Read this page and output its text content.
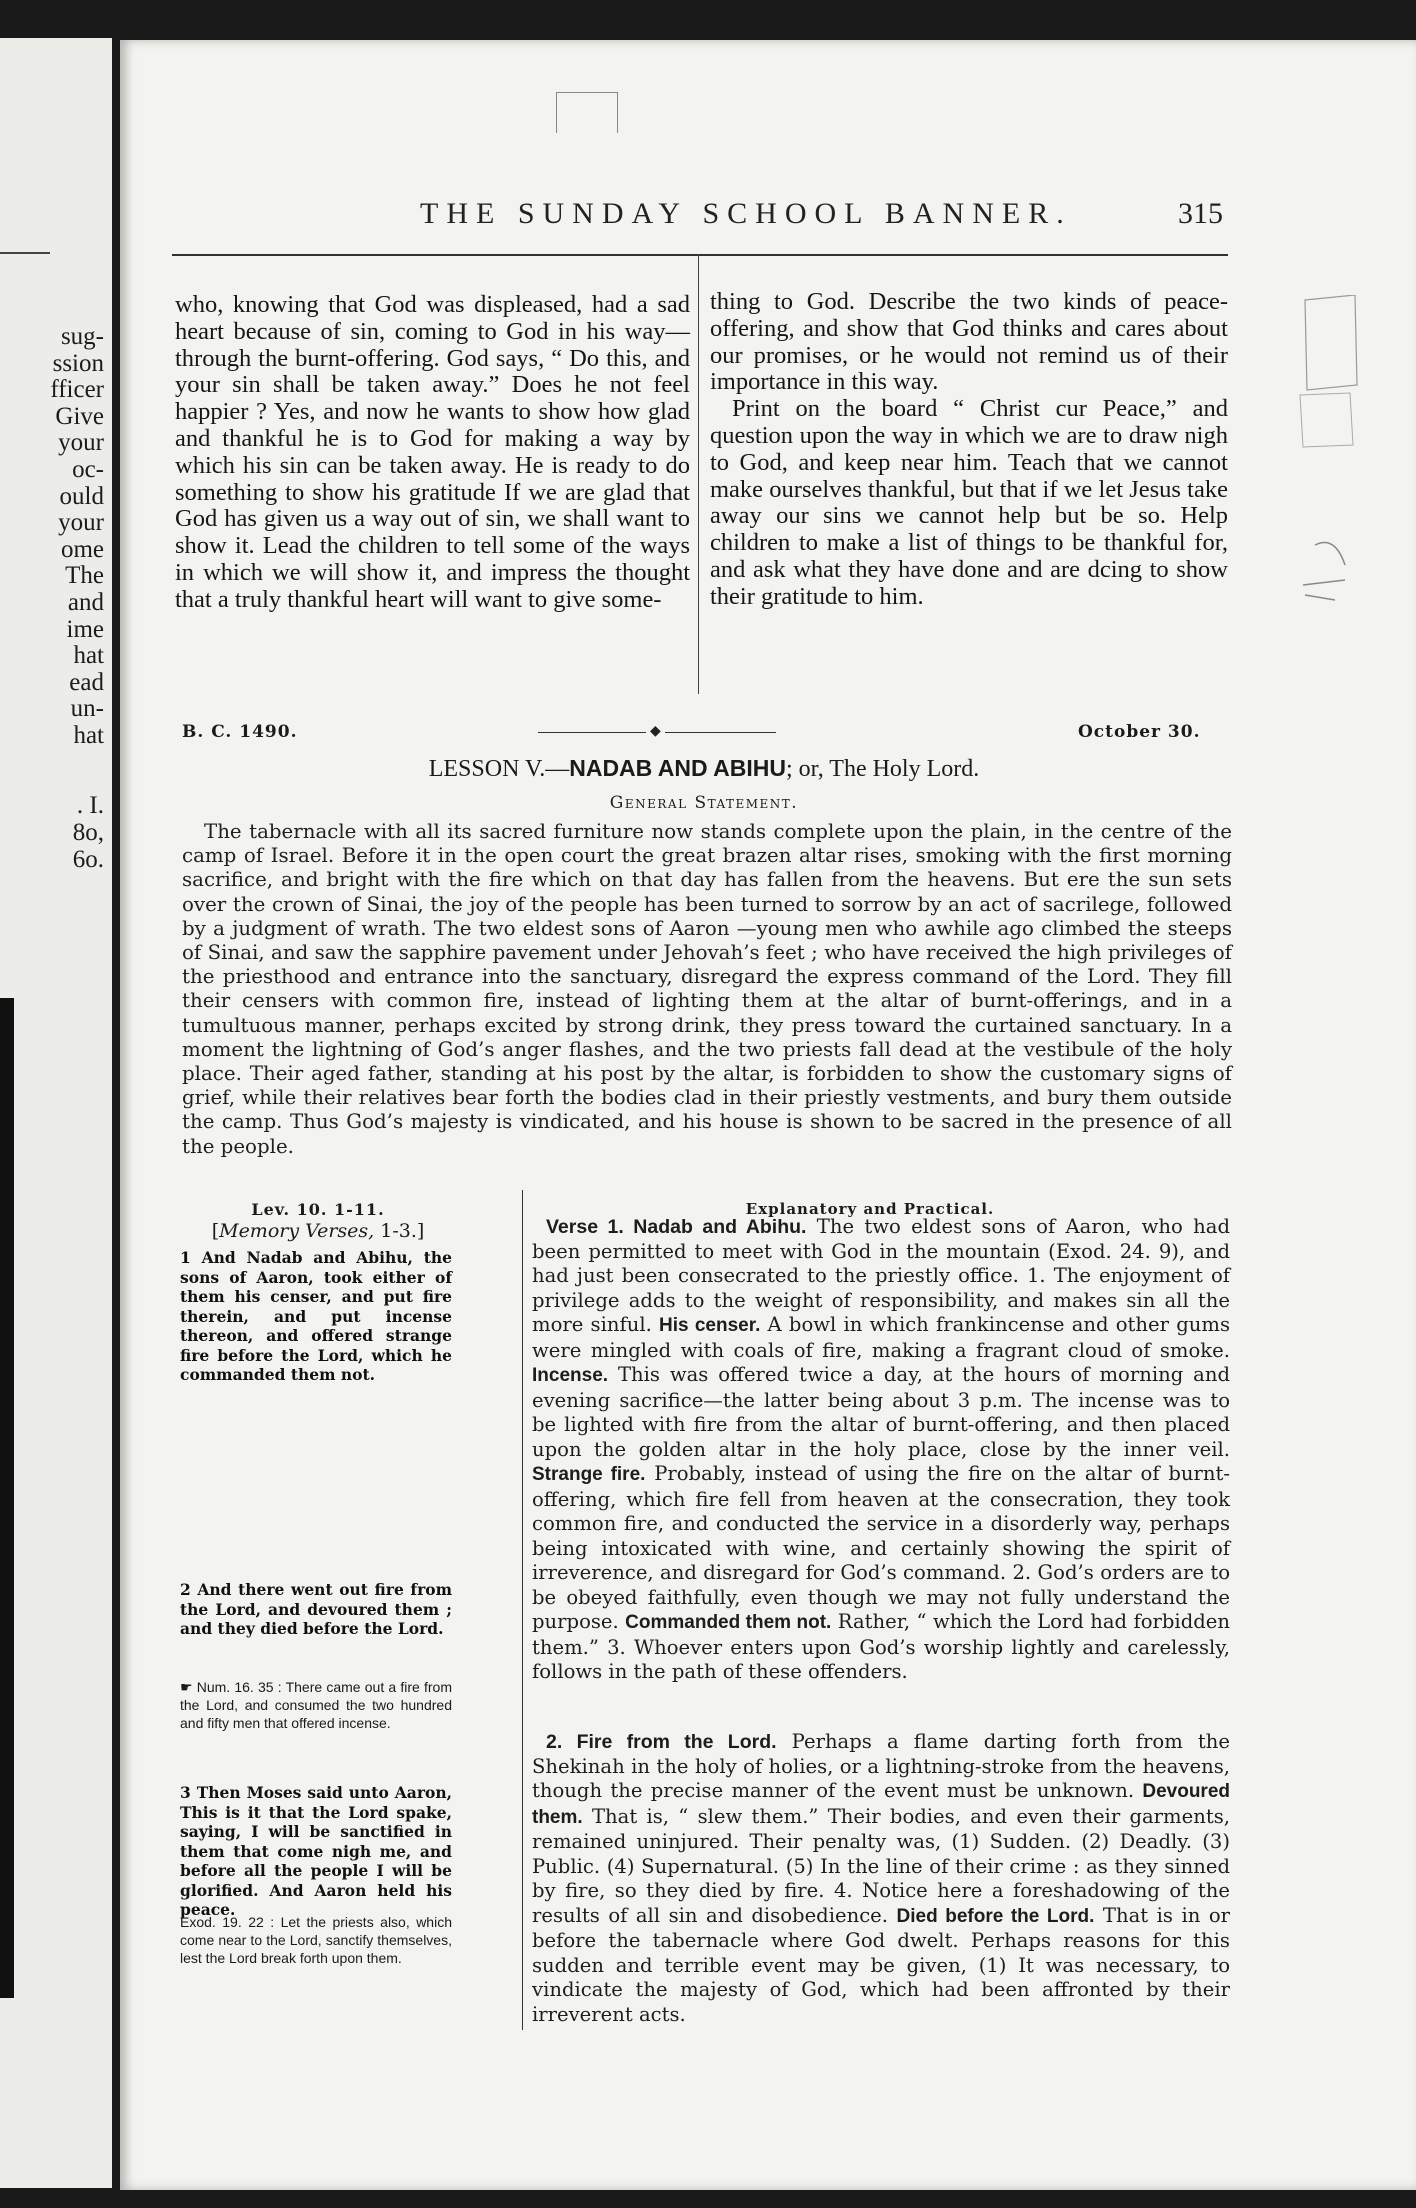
sug-
ssion
fficer
Give
your
oc-
ould
your
ome
The
and
ime
hat
ead
un-
hat
. I.
8o,
6o.
THE SUNDAY SCHOOL BANNER.	315
who, knowing that God was displeased, had a sad heart because of sin, coming to God in his way—through the burnt-offering. God says, “ Do this, and your sin shall be taken away.” Does he not feel happier ? Yes, and now he wants to show how glad and thankful he is to God for making a way by which his sin can be taken away. He is ready to do something to show his gratitude If we are glad that God has given us a way out of sin, we shall want to show it. Lead the children to tell some of the ways in which we will show it, and impress the thought that a truly thankful heart will want to give some-
thing to God. Describe the two kinds of peace-offering, and show that God thinks and cares about our promises, or he would not remind us of their importance in this way.
Print on the board “ Christ cur Peace,” and question upon the way in which we are to draw nigh to God, and keep near him. Teach that we cannot make ourselves thankful, but that if we let Jesus take away our sins we cannot help but be so. Help children to make a list of things to be thankful for, and ask what they have done and are dcing to show their gratitude to him.
B. C. 1490.	◆	October 30.
LESSON V.—NADAB AND ABIHU; or, The Holy Lord.
General Statement.
The tabernacle with all its sacred furniture now stands complete upon the plain, in the centre of the camp of Israel. Before it in the open court the great brazen altar rises, smoking with the first morning sacrifice, and bright with the fire which on that day has fallen from the heavens. But ere the sun sets over the crown of Sinai, the joy of the people has been turned to sorrow by an act of sacrilege, followed by a judgment of wrath. The two eldest sons of Aaron —young men who awhile ago climbed the steeps of Sinai, and saw the sapphire pavement under Jehovah’s feet ; who have received the high privileges of the priesthood and entrance into the sanctuary, disregard the express command of the Lord. They fill their censers with common fire, instead of lighting them at the altar of burnt-offerings, and in a tumultuous manner, perhaps excited by strong drink, they press toward the curtained sanctuary. In a moment the lightning of God’s anger flashes, and the two priests fall dead at the vestibule of the holy place. Their aged father, standing at his post by the altar, is forbidden to show the customary signs of grief, while their relatives bear forth the bodies clad in their priestly vestments, and bury them outside the camp. Thus God’s majesty is vindicated, and his house is shown to be sacred in the presence of all the people.
Lev. 10. 1-11.
[Memory Verses, 1-3.]
Explanatory and Practical.
1 And Nadab and Abihu, the sons of Aaron, took either of them his censer, and put fire therein, and put incense thereon, and offered strange fire before the Lord, which he commanded them not.
2 And there went out fire from the Lord, and devoured them ; and they died before the Lord.
☛ Num. 16. 35 : There came out a fire from the Lord, and consumed the two hundred and fifty men that offered incense.
3 Then Moses said unto Aaron, This is it that the Lord spake, saying, I will be sanctified in them that come nigh me, and before all the people I will be glorified. And Aaron held his peace.
Exod. 19. 22 : Let the priests also, which come near to the Lord, sanctify themselves, lest the Lord break forth upon them.
Verse 1. Nadab and Abihu. The two eldest sons of Aaron, who had been permitted to meet with God in the mountain (Exod. 24. 9), and had just been consecrated to the priestly office. 1. The enjoyment of privilege adds to the weight of responsibility, and makes sin all the more sinful. His censer. A bowl in which frankincense and other gums were mingled with coals of fire, making a fragrant cloud of smoke. Incense. This was offered twice a day, at the hours of morning and evening sacrifice—the latter being about 3 p.m. The incense was to be lighted with fire from the altar of burnt-offering, and then placed upon the golden altar in the holy place, close by the inner veil. Strange fire. Probably, instead of using the fire on the altar of burnt-offering, which fire fell from heaven at the consecration, they took common fire, and conducted the service in a disorderly way, perhaps being intoxicated with wine, and certainly showing the spirit of irreverence, and disregard for God’s command. 2. God’s orders are to be obeyed faithfully, even though we may not fully understand the purpose. Commanded them not. Rather, “ which the Lord had forbidden them.” 3. Whoever enters upon God’s worship lightly and carelessly, follows in the path of these offenders.
2. Fire from the Lord. Perhaps a flame darting forth from the Shekinah in the holy of holies, or a lightning-stroke from the heavens, though the precise manner of the event must be unknown. Devoured them. That is, “ slew them.” Their bodies, and even their garments, remained uninjured. Their penalty was, (1) Sudden. (2) Deadly. (3) Public. (4) Supernatural. (5) In the line of their crime : as they sinned by fire, so they died by fire. 4. Notice here a foreshadowing of the results of all sin and disobedience. Died before the Lord. That is in or before the tabernacle where God dwelt. Perhaps reasons for this sudden and terrible event may be given, (1) It was necessary, to vindicate the majesty of God, which had been affronted by their irreverent acts.
